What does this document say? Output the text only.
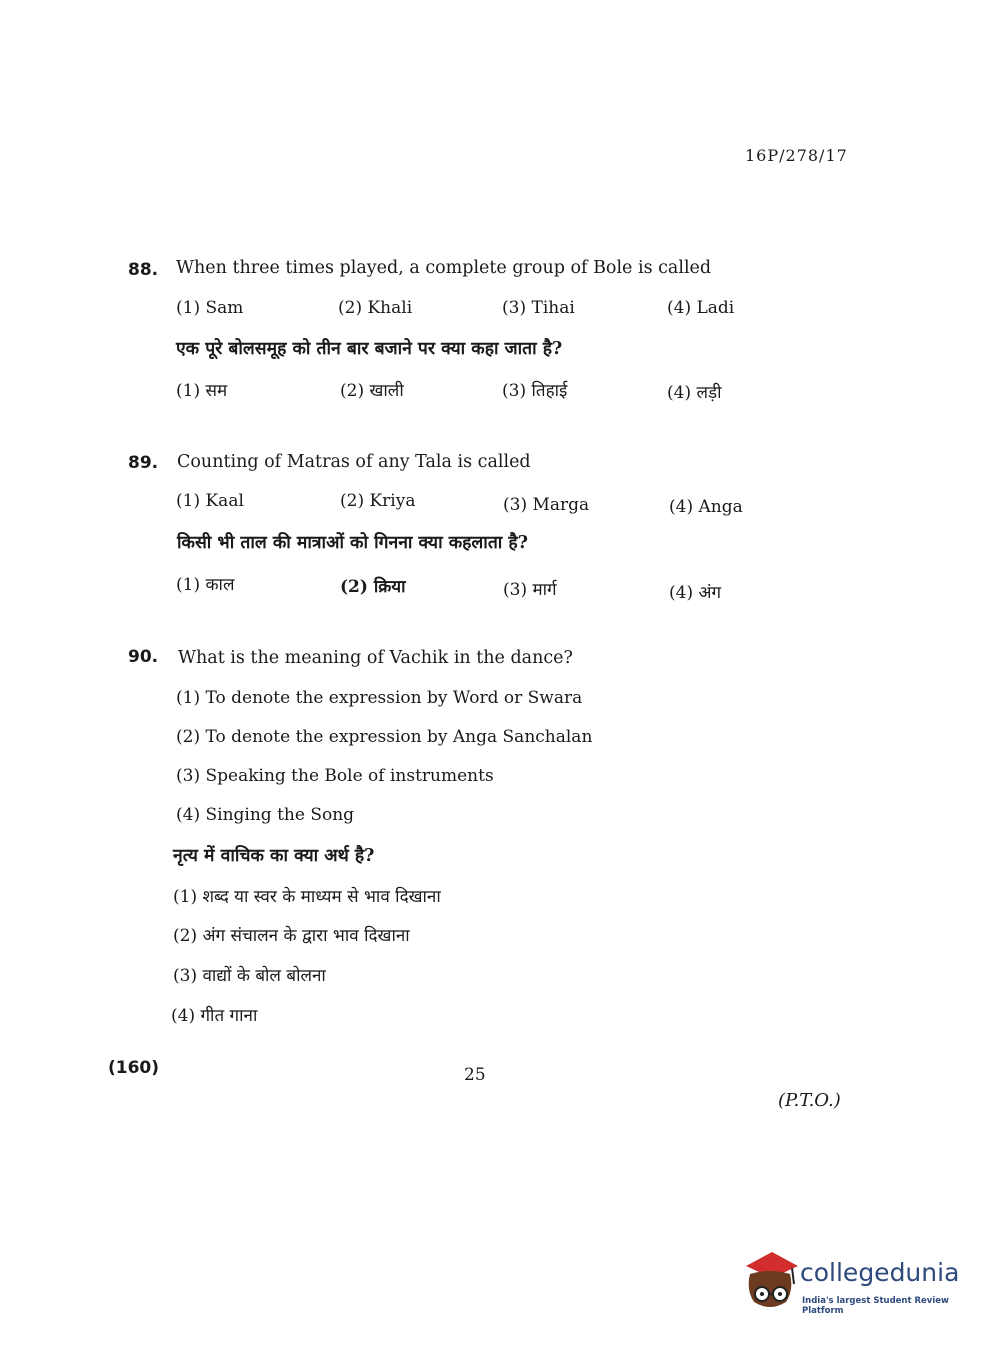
16P/278/17
88. When three times played, a complete group of Bole is called
(1) Sam	(2) Khali	(3) Tihai	(4) Ladi
एक पूरे बोलसमूह को तीन बार बजाने पर क्या कहा जाता है?
(1) सम	(2) खाली	(3) तिहाई	(4) लड़ी
89. Counting of Matras of any Tala is called
(1) Kaal	(2) Kriya	(3) Marga	(4) Anga
किसी भी ताल की मात्राओं को गिनना क्या कहलाता है?
(1) काल	(2) क्रिया	(3) मार्ग	(4) अंग
90. What is the meaning of Vachik in the dance?
(1) To denote the expression by Word or Swara
(2) To denote the expression by Anga Sanchalan
(3) Speaking the Bole of instruments
(4) Singing the Song
नृत्य में वाचिक का क्या अर्थ है?
(1) शब्द या स्वर के माध्यम से भाव दिखाना
(2) अंग संचालन के द्वारा भाव दिखाना
(3) वाद्यों के बोल बोलना
(4) गीत गाना
(160)	25
(P.T.O.)
collegedunia
India's largest Student Review Platform
